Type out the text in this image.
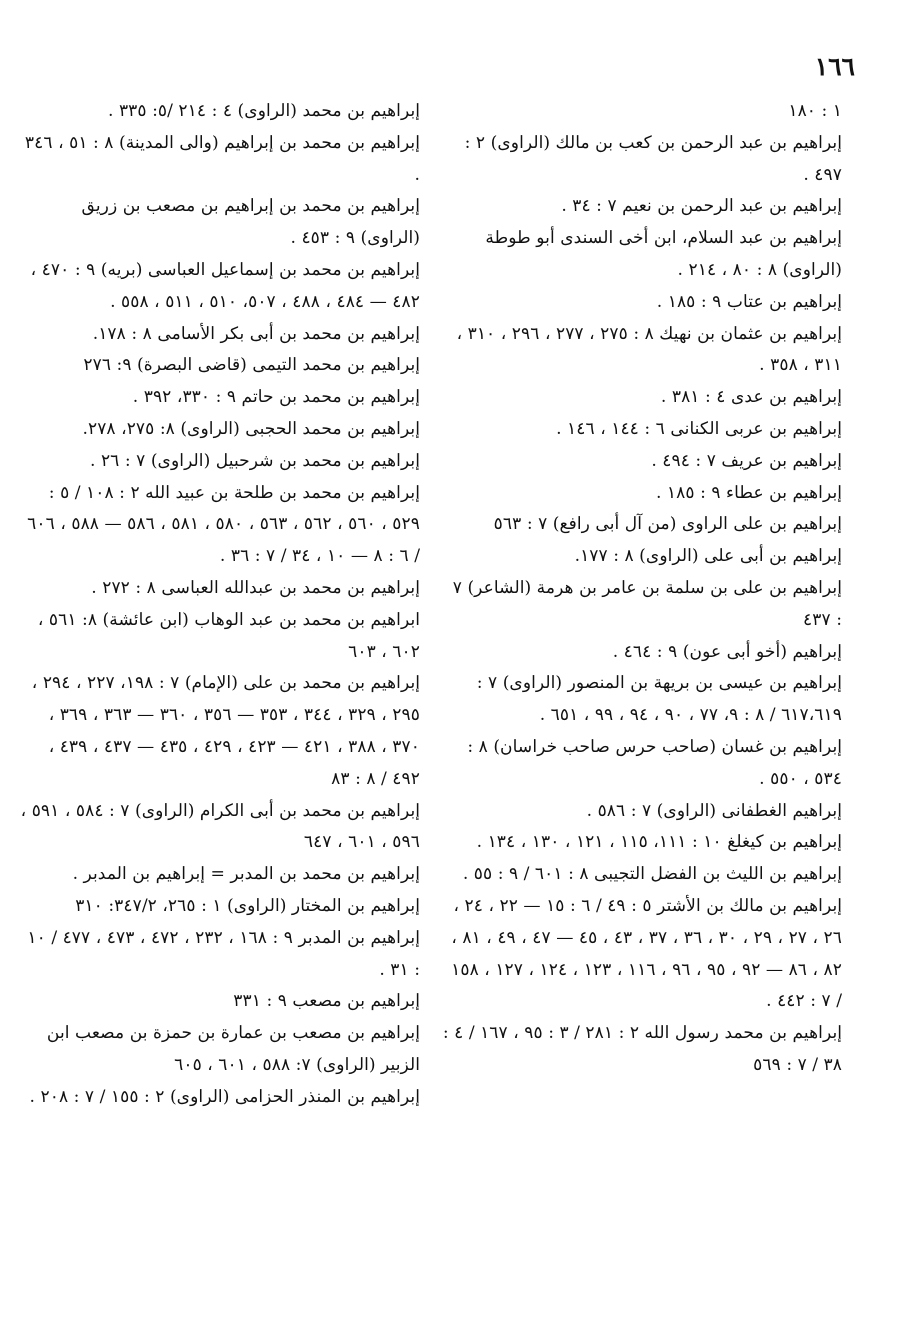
١٦٦

١ : ١٨٠

إبراهيم بن عبد الرحمن بن كعب بن مالك (الراوى) ٢ : ٤٩٧ .

إبراهيم بن عبد الرحمن بن نعيم ٧ : ٣٤ .

إبراهيم بن عبد السلام، ابن أخى السندى أبو طوطة (الراوى) ٨ : ٨٠ ، ٢١٤ .

إبراهيم بن عتاب ٩ : ١٨٥ .

إبراهيم بن عثمان بن نهيك ٨ : ٢٧٥ ، ٢٧٧ ، ٢٩٦ ، ٣١٠ ، ٣١١ ، ٣٥٨ .

إبراهيم بن عدى ٤ : ٣٨١ .

إبراهيم بن عربى الكنانى ٦ : ١٤٤ ، ١٤٦ .

إبراهيم بن عريف ٧ : ٤٩٤ .

إبراهيم بن عطاء ٩ : ١٨٥ .

إبراهيم بن على الراوى (من آل أبى رافع) ٧ : ٥٦٣

إبراهيم بن أبى على (الراوى) ٨ : ١٧٧.

إبراهيم بن على بن سلمة بن عامر بن هرمة (الشاعر) ٧ : ٤٣٧

إبراهيم (أخو أبى عون) ٩ : ٤٦٤ .

إبراهيم بن عيسى بن بريهة بن المنصور (الراوى) ٧ : ٦١٧،٦١٩ / ٨ : ٩، ٧٧ ، ٩٠ ، ٩٤ ، ٩٩ ، ٦٥١ .

إبراهيم بن غسان (صاحب حرس صاحب خراسان) ٨ : ٥٣٤ ، ٥٥٠ .

إبراهيم الغطفانى (الراوى) ٧ : ٥٨٦ .

إبراهيم بن كيغلغ ١٠ : ١١١، ١١٥ ، ١٢١ ، ١٣٠ ، ١٣٤ .

إبراهيم بن الليث بن الفضل التجيبى ٨ : ٦٠١ / ٩ : ٥٥ .

إبراهيم بن مالك بن الأشتر ٥ : ٤٩ / ٦ : ١٥ — ٢٢ ، ٢٤ ، ٢٦ ، ٢٧ ، ٢٩ ، ٣٠ ، ٣٦ ، ٣٧ ، ٤٣ ، ٤٥ — ٤٧ ، ٤٩ ، ٨١ ، ٨٢ ، ٨٦ — ٩٢ ، ٩٥ ، ٩٦ ، ١١٦ ، ١٢٣ ، ١٢٤ ، ١٢٧ ، ١٥٨ / ٧ : ٤٤٢ .

إبراهيم بن محمد رسول الله ٢ : ٢٨١ / ٣ : ٩٥ ، ١٦٧ / ٤ : ٣٨ / ٧ : ٥٦٩

إبراهيم بن محمد (الراوى) ٤ : ٢١٤ /٥: ٣٣٥ .

إبراهيم بن محمد بن إبراهيم (والى المدينة) ٨ : ٥١ ، ٣٤٦ .

إبراهيم بن محمد بن إبراهيم بن مصعب بن زريق (الراوى) ٩ : ٤٥٣ .

إبراهيم بن محمد بن إسماعيل العباسى (بريه) ٩ : ٤٧٠ ، ٤٨٢ — ٤٨٤ ، ٤٨٨ ، ٥٠٧، ٥١٠ ، ٥١١ ، ٥٥٨ .

إبراهيم بن محمد بن أبى بكر الأسامى ٨ : ١٧٨.

إبراهيم بن محمد التيمى (قاضى البصرة) ٩: ٢٧٦

إبراهيم بن محمد بن حاتم ٩ : ٣٣٠، ٣٩٢ .

إبراهيم بن محمد الحجبى (الراوى) ٨: ٢٧٥، ٢٧٨.

إبراهيم بن محمد بن شرحبيل (الراوى) ٧ : ٢٦ .

إبراهيم بن محمد بن طلحة بن عبيد الله ٢ : ١٠٨ / ٥ : ٥٢٩ ، ٥٦٠ ، ٥٦٢ ، ٥٦٣ ، ٥٨٠ ، ٥٨١ ، ٥٨٦ — ٥٨٨ ، ٦٠٦ / ٦ : ٨ — ١٠ ، ٣٤ / ٧ : ٣٦ .

إبراهيم بن محمد بن عبدالله العباسى ٨ : ٢٧٢ .

ابراهيم بن محمد بن عبد الوهاب (ابن عائشة) ٨: ٥٦١ ، ٦٠٢ ، ٦٠٣

إبراهيم بن محمد بن على (الإمام) ٧ : ١٩٨، ٢٢٧ ، ٢٩٤ ، ٢٩٥ ، ٣٢٩ ، ٣٤٤ ، ٣٥٣ — ٣٥٦ ، ٣٦٠ — ٣٦٣ ، ٣٦٩ ، ٣٧٠ ، ٣٨٨ ، ٤٢١ — ٤٢٣ ، ٤٢٩ ، ٤٣٥ — ٤٣٧ ، ٤٣٩ ، ٤٩٢ / ٨ : ٨٣

إبراهيم بن محمد بن أبى الكرام (الراوى) ٧ : ٥٨٤ ، ٥٩١ ، ٥٩٦ ، ٦٠١ ، ٦٤٧

إبراهيم بن محمد بن المدبر = إبراهيم بن المدبر .

إبراهيم بن المختار (الراوى) ١ : ٢٦٥، ٣٤٧/٢: ٣١٠

إبراهيم بن المدبر ٩ : ١٦٨ ، ٢٣٢ ، ٤٧٢ ، ٤٧٣ ، ٤٧٧ / ١٠ : ٣١ .

إبراهيم بن مصعب ٩ : ٣٣١

إبراهيم بن مصعب بن عمارة بن حمزة بن مصعب ابن الزبير (الراوى) ٧: ٥٨٨ ، ٦٠١ ، ٦٠٥

إبراهيم بن المنذر الحزامى (الراوى) ٢ : ١٥٥ / ٧ : ٢٠٨ .
